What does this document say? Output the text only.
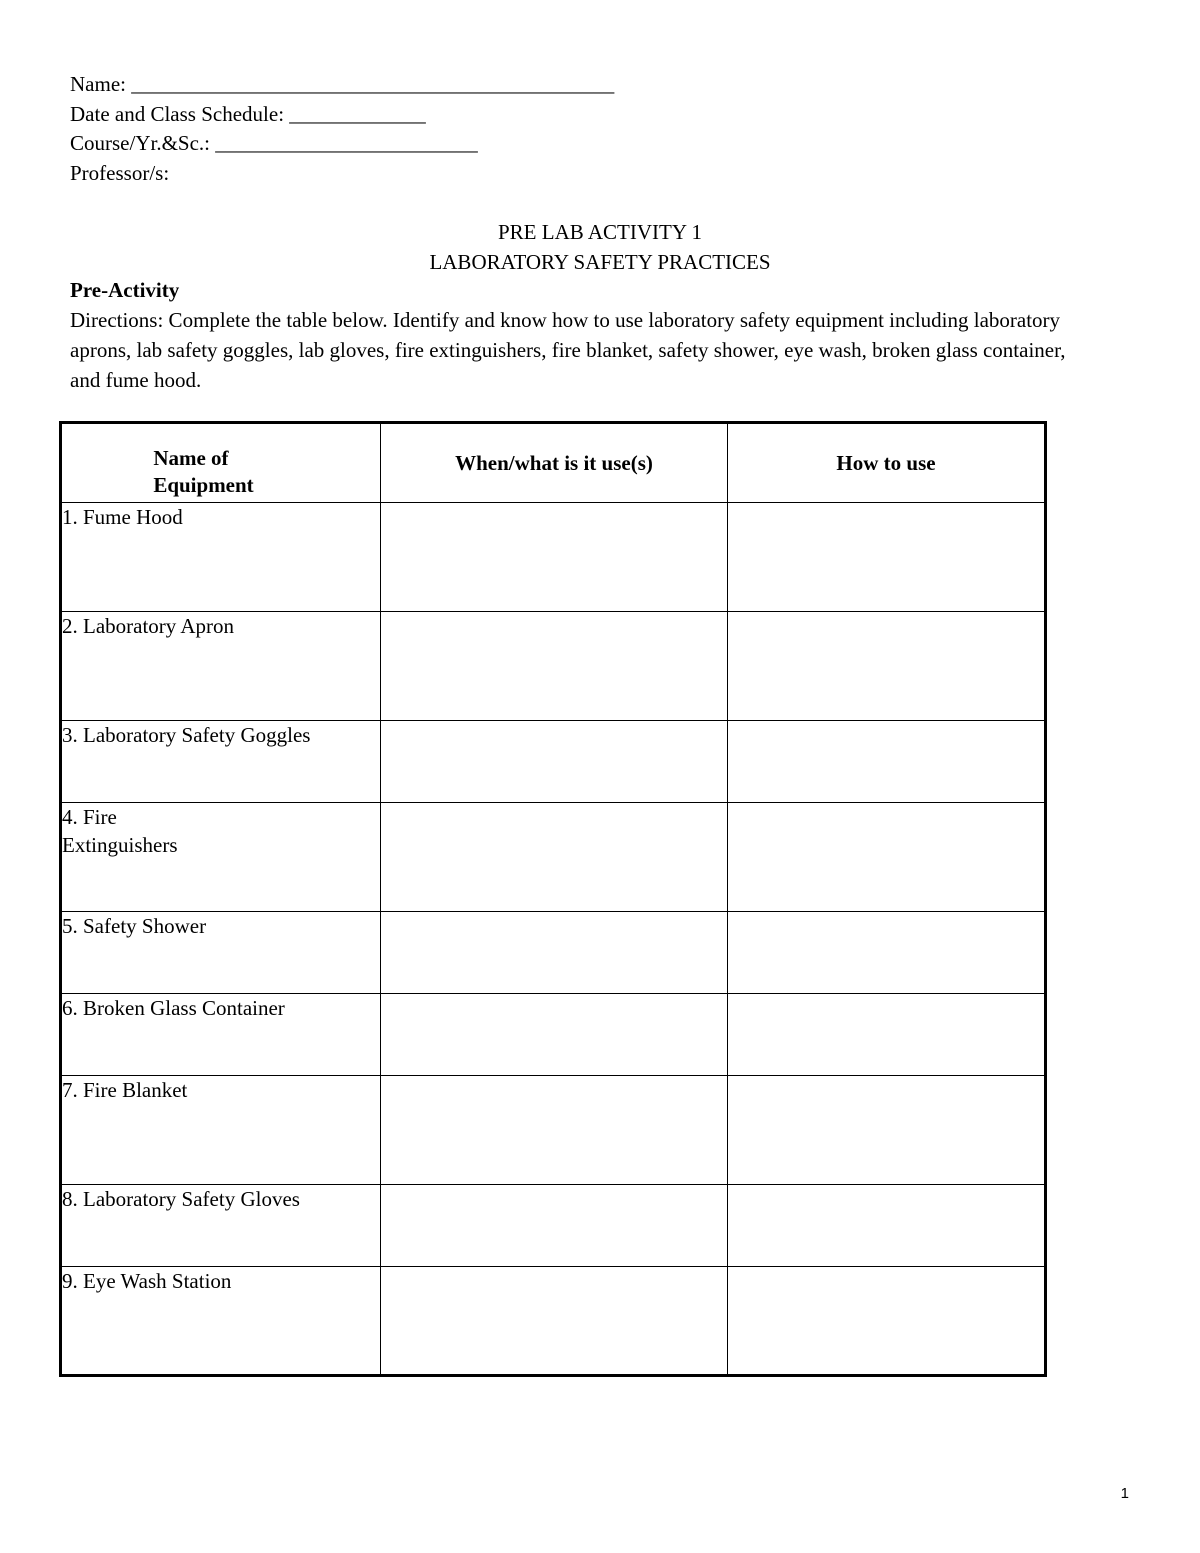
Name: ______________________________________________
Date and Class Schedule: _____________
Course/Yr.&Sc.: _________________________
Professor/s:
PRE LAB ACTIVITY 1
LABORATORY SAFETY PRACTICES
Pre-Activity
Directions: Complete the table below. Identify and know how to use laboratory safety equipment including laboratory aprons, lab safety goggles, lab gloves, fire extinguishers, fire blanket, safety shower, eye wash, broken glass container, and fume hood.
Name of
Equipment	When/what is it use(s)	How to use
1. Fume Hood		
2. Laboratory Apron		
3. Laboratory Safety Goggles		
4. Fire
Extinguishers		
5. Safety Shower		
6. Broken Glass Container		
7. Fire Blanket		
8. Laboratory Safety Gloves		
9. Eye Wash Station		
1
